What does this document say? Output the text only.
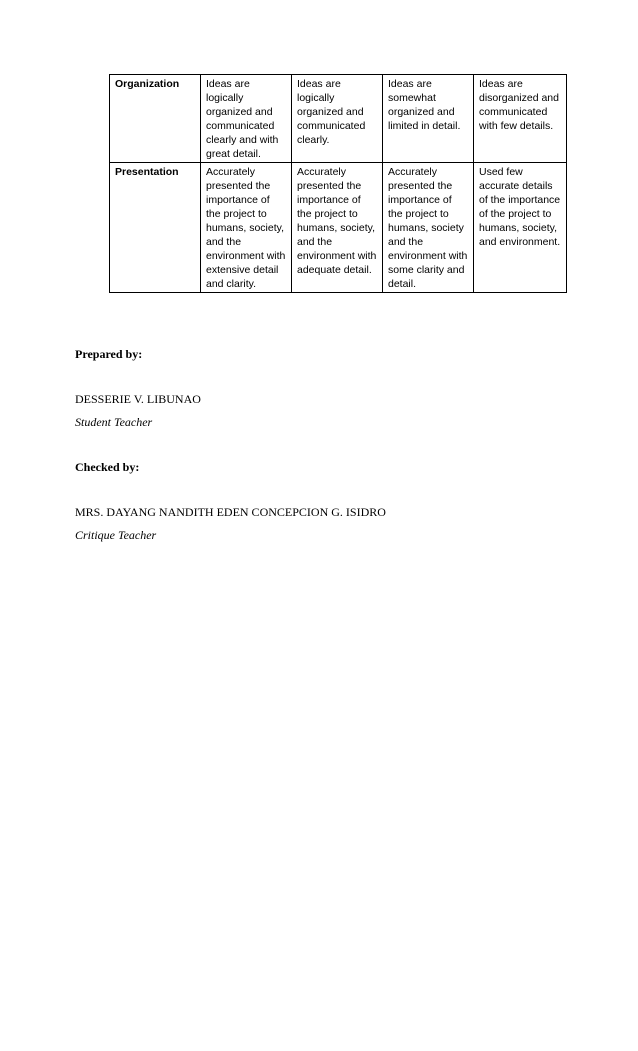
Organization	Ideas are logically organized and communicated clearly and with great detail.	Ideas are logically organized and communicated clearly.	Ideas are somewhat organized and limited in detail.	Ideas are disorganized and communicated with few details.
Presentation	Accurately presented the importance of the project to humans, society, and the environment with extensive detail and clarity.	Accurately presented the importance of the project to humans, society, and the environment with adequate detail.	Accurately presented the importance of the project to humans, society and the environment with some clarity and detail.	Used few accurate details of the importance of the project to humans, society, and environment.
Prepared by:
DESSERIE V. LIBUNAO
Student Teacher
Checked by:
MRS. DAYANG NANDITH EDEN CONCEPCION G. ISIDRO
Critique Teacher
